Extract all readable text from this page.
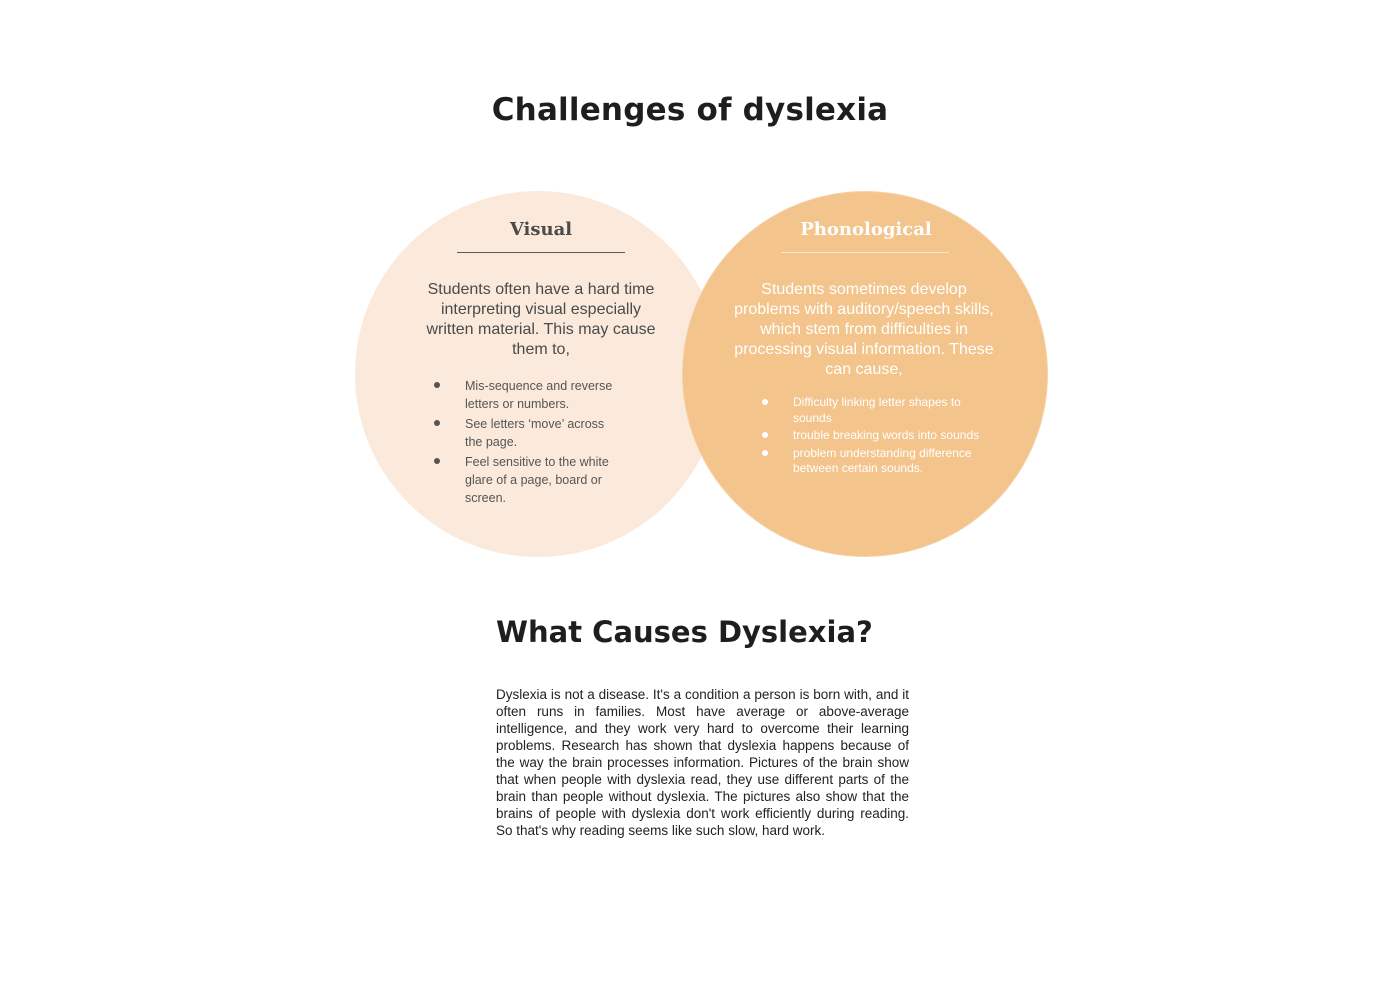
Challenges of dyslexia
Visual

Students often have a hard time interpreting visual especially written material. This may cause them to,

Mis-sequence and reverse letters or numbers.
See letters ‘move’ across the page.
Feel sensitive to the white glare of a page, board or screen.
Phonological

Students sometimes develop problems with auditory/speech skills, which stem from difficulties in processing visual information. These can cause,

Difficulty linking letter shapes to sounds
trouble breaking words into sounds
problem understanding difference between certain sounds.
What Causes Dyslexia?

Dyslexia is not a disease. It's a condition a person is born with, and it often runs in families. Most have average or above-average intelligence, and they work very hard to overcome their learning problems. Research has shown that dyslexia happens because of the way the brain processes information. Pictures of the brain show that when people with dyslexia read, they use different parts of the brain than people without dyslexia. The pictures also show that the brains of people with dyslexia don't work efficiently during reading. So that's why reading seems like such slow, hard work.
